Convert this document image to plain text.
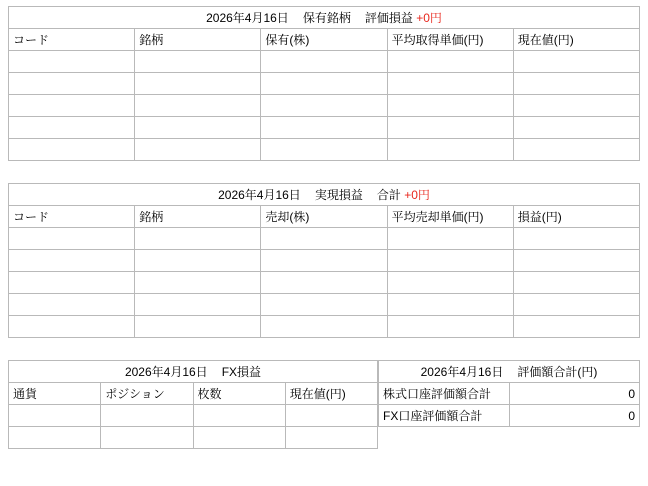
2026年4月16日 保有銘柄 評価損益 +0円				
コード	銘柄	保有(株)	平均取得単価(円)	現在値(円)

2026年4月16日 実現損益 合計 +0円				
コード	銘柄	売却(株)	平均売却単価(円)	損益(円)

2026年4月16日 FX損益			
通貨	ポジション	枚数	現在値(円)

2026年4月16日 評価額合計(円)	
株式口座評価額合計	0
FX口座評価額合計	0
